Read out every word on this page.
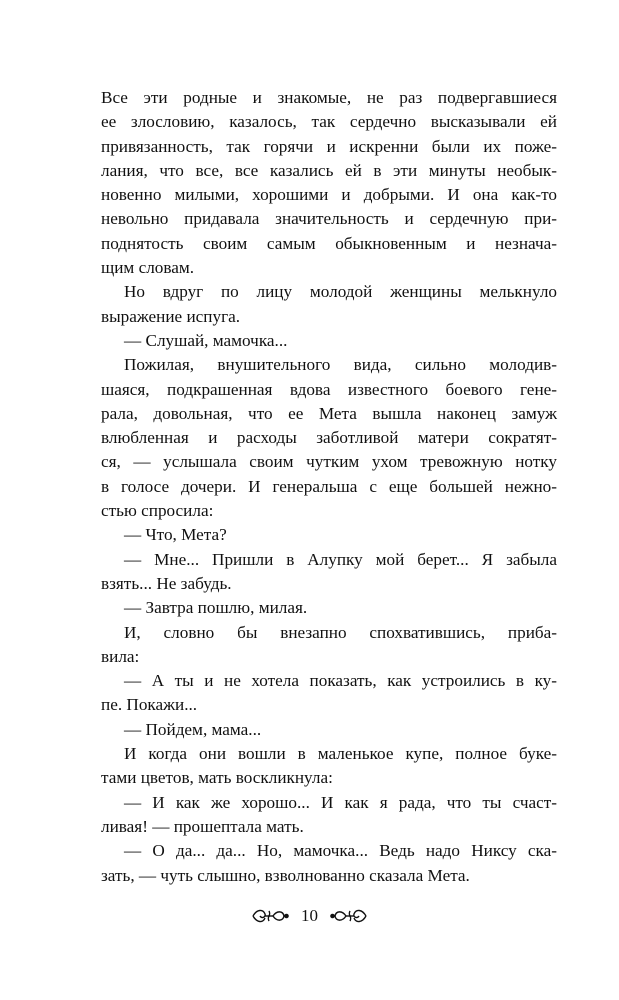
Все эти родные и знакомые, не раз подвергавшиеся
ее злословию, казалось, так сердечно высказывали ей
привязанность, так горячи и искренни были их поже-
лания, что все, все казались ей в эти минуты необык-
новенно милыми, хорошими и добрыми. И она как-то
невольно придавала значительность и сердечную при-
поднятость своим самым обыкновенным и незнача-
щим словам.
Но вдруг по лицу молодой женщины мелькнуло
выражение испуга.
— Слушай, мамочка...
Пожилая, внушительного вида, сильно молодив-
шаяся, подкрашенная вдова известного боевого гене-
рала, довольная, что ее Мета вышла наконец замуж
влюбленная и расходы заботливой матери сократят-
ся, — услышала своим чутким ухом тревожную нотку
в голосе дочери. И генеральша с еще большей нежно-
стью спросила:
— Что, Мета?
— Мне... Пришли в Алупку мой берет... Я забыла
взять... Не забудь.
— Завтра пошлю, милая.
И, словно бы внезапно спохватившись, приба-
вила:
— А ты и не хотела показать, как устроились в ку-
пе. Покажи...
— Пойдем, мама...
И когда они вошли в маленькое купе, полное буке-
тами цветов, мать воскликнула:
— И как же хорошо... И как я рада, что ты счаст-
ливая! — прошептала мать.
— О да... да... Но, мамочка... Ведь надо Никсу ска-
зать, — чуть слышно, взволнованно сказала Мета.
10
